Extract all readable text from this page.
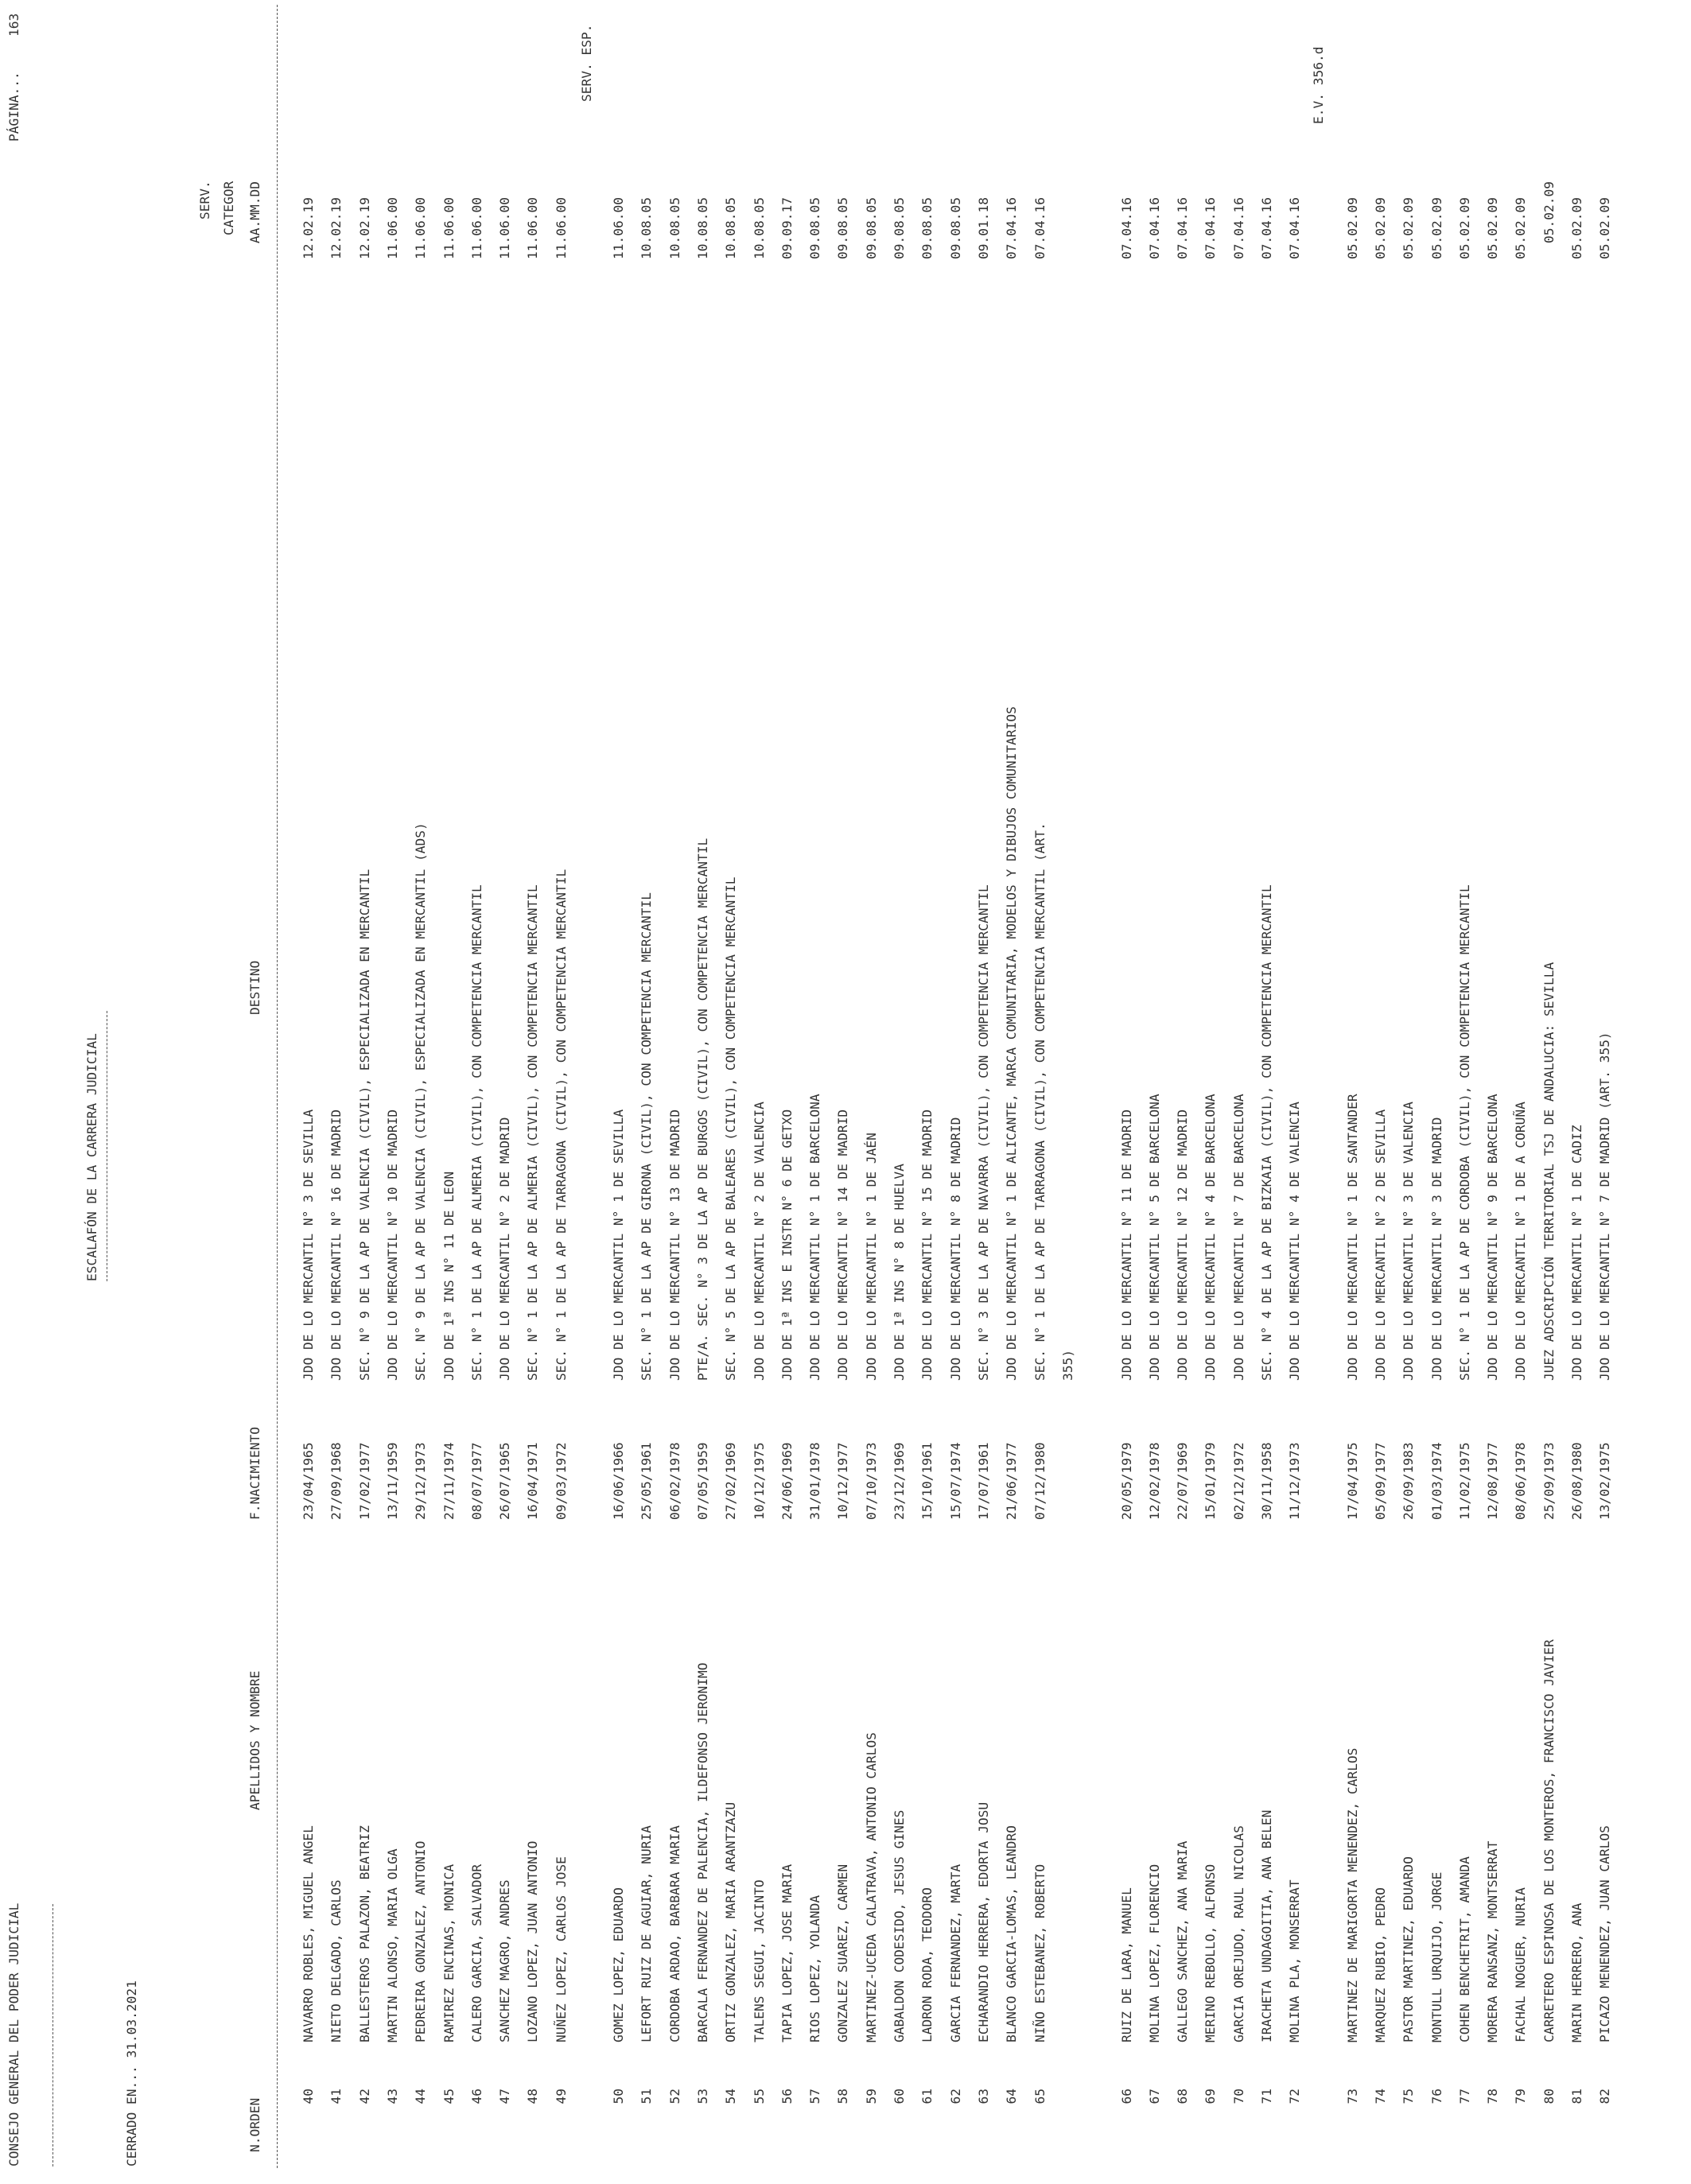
CONSEJO GENERAL DEL PODER JUDICIAL
PÁGINA...
163
ESCALAFÓN DE LA CARRERA JUDICIAL
CERRADO EN... 31.03.2021
SERV. CATEGOR
N.ORDEN
APELLIDOS Y NOMBRE
F.NACIMIENTO
DESTINO
AA.MM.DD
SERV. ESP.	E.V. 356.d
40
NAVARRO ROBLES, MIGUEL ANGEL
23/04/1965
JDO DE LO MERCANTIL N° 3 DE SEVILLA
12.02.19
41
NIETO DELGADO, CARLOS
27/09/1968
JDO DE LO MERCANTIL N° 16 DE MADRID
12.02.19
42
BALLESTEROS PALAZON, BEATRIZ
17/02/1977
SEC. N° 9 DE LA AP DE VALENCIA (CIVIL), ESPECIALIZADA EN MERCANTIL
12.02.19
43
MARTIN ALONSO, MARIA OLGA
13/11/1959
JDO DE LO MERCANTIL N° 10 DE MADRID
11.06.00
44
PEDREIRA GONZALEZ, ANTONIO
29/12/1973
SEC. N° 9 DE LA AP DE VALENCIA (CIVIL), ESPECIALIZADA EN MERCANTIL (ADS)
11.06.00
45
RAMIREZ ENCINAS, MONICA
27/11/1974
JDO DE 1ª INS N° 11 DE LEON
11.06.00
46
CALERO GARCIA, SALVADOR
08/07/1977
SEC. N° 1 DE LA AP DE ALMERIA (CIVIL), CON COMPETENCIA MERCANTIL
11.06.00
47
SANCHEZ MAGRO, ANDRES
26/07/1965
JDO DE LO MERCANTIL N° 2 DE MADRID
11.06.00
48
LOZANO LOPEZ, JUAN ANTONIO
16/04/1971
SEC. N° 1 DE LA AP DE ALMERIA (CIVIL), CON COMPETENCIA MERCANTIL
11.06.00
49
NUÑEZ LOPEZ, CARLOS JOSE
09/03/1972
SEC. N° 1 DE LA AP DE TARRAGONA (CIVIL), CON COMPETENCIA MERCANTIL
11.06.00
50
GOMEZ LOPEZ, EDUARDO
16/06/1966
JDO DE LO MERCANTIL N° 1 DE SEVILLA
11.06.00
51
LEFORT RUIZ DE AGUIAR, NURIA
25/05/1961
SEC. N° 1 DE LA AP DE GIRONA (CIVIL), CON COMPETENCIA MERCANTIL
10.08.05
52
CORDOBA ARDAO, BARBARA MARIA
06/02/1978
JDO DE LO MERCANTIL N° 13 DE MADRID
10.08.05
53
BARCALA FERNANDEZ DE PALENCIA, ILDEFONSO JERONIMO
07/05/1959
PTE/A. SEC. N° 3 DE LA AP DE BURGOS (CIVIL), CON COMPETENCIA MERCANTIL
10.08.05
54
ORTIZ GONZALEZ, MARIA ARANTZAZU
27/02/1969
SEC. N° 5 DE LA AP DE BALEARES (CIVIL), CON COMPETENCIA MERCANTIL
10.08.05
55
TALENS SEGUI, JACINTO
10/12/1975
JDO DE LO MERCANTIL N° 2 DE VALENCIA
10.08.05
56
TAPIA LOPEZ, JOSE MARIA
24/06/1969
JDO DE 1ª INS E INSTR N° 6 DE GETXO
09.09.17
57
RIOS LOPEZ, YOLANDA
31/01/1978
JDO DE LO MERCANTIL N° 1 DE BARCELONA
09.08.05
58
GONZALEZ SUAREZ, CARMEN
10/12/1977
JDO DE LO MERCANTIL N° 14 DE MADRID
09.08.05
59
MARTINEZ-UCEDA CALATRAVA, ANTONIO CARLOS
07/10/1973
JDO DE LO MERCANTIL N° 1 DE JAÉN
09.08.05
60
GABALDON CODESIDO, JESUS GINES
23/12/1969
JDO DE 1ª INS N° 8 DE HUELVA
09.08.05
61
LADRON RODA, TEODORO
15/10/1961
JDO DE LO MERCANTIL N° 15 DE MADRID
09.08.05
62
GARCIA FERNANDEZ, MARTA
15/07/1974
JDO DE LO MERCANTIL N° 8 DE MADRID
09.08.05
63
ECHARANDIO HERRERA, EDORTA JOSU
17/07/1961
SEC. N° 3 DE LA AP DE NAVARRA (CIVIL), CON COMPETENCIA MERCANTIL
09.01.18
64
BLANCO GARCIA-LOMAS, LEANDRO
21/06/1977
JDO DE LO MERCANTIL N° 1 DE ALICANTE, MARCA COMUNITARIA, MODELOS Y DIBUJOS COMUNITARIOS
07.04.16
65
NIÑO ESTEBANEZ, ROBERTO
07/12/1980
SEC. N° 1 DE LA AP DE TARRAGONA (CIVIL), CON COMPETENCIA MERCANTIL (ART. 355)
07.04.16
66
RUIZ DE LARA, MANUEL
20/05/1979
JDO DE LO MERCANTIL N° 11 DE MADRID
07.04.16
67
MOLINA LOPEZ, FLORENCIO
12/02/1978
JDO DE LO MERCANTIL N° 5 DE BARCELONA
07.04.16
68
GALLEGO SANCHEZ, ANA MARIA
22/07/1969
JDO DE LO MERCANTIL N° 12 DE MADRID
07.04.16
69
MERINO REBOLLO, ALFONSO
15/01/1979
JDO DE LO MERCANTIL N° 4 DE BARCELONA
07.04.16
70
GARCIA OREJUDO, RAUL NICOLAS
02/12/1972
JDO DE LO MERCANTIL N° 7 DE BARCELONA
07.04.16
71
IRACHETA UNDAGOITIA, ANA BELEN
30/11/1958
SEC. N° 4 DE LA AP DE BIZKAIA (CIVIL), CON COMPETENCIA MERCANTIL
07.04.16
72
MOLINA PLA, MONSERRAT
11/12/1973
JDO DE LO MERCANTIL N° 4 DE VALENCIA
07.04.16
73
MARTINEZ DE MARIGORTA MENENDEZ, CARLOS
17/04/1975
JDO DE LO MERCANTIL N° 1 DE SANTANDER
05.02.09
74
MARQUEZ RUBIO, PEDRO
05/09/1977
JDO DE LO MERCANTIL N° 2 DE SEVILLA
05.02.09
75
PASTOR MARTINEZ, EDUARDO
26/09/1983
JDO DE LO MERCANTIL N° 3 DE VALENCIA
05.02.09
76
MONTULL URQUIJO, JORGE
01/03/1974
JDO DE LO MERCANTIL N° 3 DE MADRID
05.02.09
77
COHEN BENCHETRIT, AMANDA
11/02/1975
SEC. N° 1 DE LA AP DE CORDOBA (CIVIL), CON COMPETENCIA MERCANTIL
05.02.09
78
MORERA RANSANZ, MONTSERRAT
12/08/1977
JDO DE LO MERCANTIL N° 9 DE BARCELONA
05.02.09
79
FACHAL NOGUER, NURIA
08/06/1978
JDO DE LO MERCANTIL N° 1 DE A CORUÑA
05.02.09
80
CARRETERO ESPINOSA DE LOS MONTEROS, FRANCISCO JAVIER
25/09/1973
JUEZ ADSCRIPCIÓN TERRITORIAL TSJ DE ANDALUCIA: SEVILLA
05.02.09
81
MARIN HERRERO, ANA
26/08/1980
JDO DE LO MERCANTIL N° 1 DE CADIZ
05.02.09
82
PICAZO MENENDEZ, JUAN CARLOS
13/02/1975
JDO DE LO MERCANTIL N° 7 DE MADRID (ART. 355)
05.02.09
